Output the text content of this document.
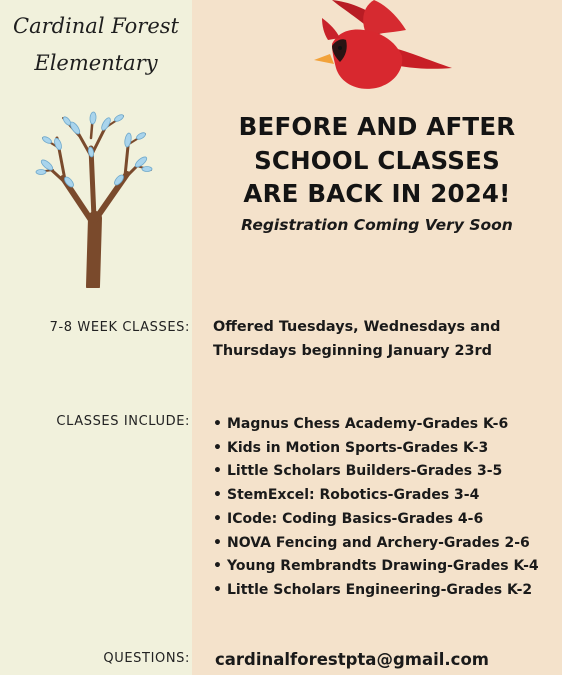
Cardinal Forest
Elementary
BEFORE AND AFTER
SCHOOL CLASSES
ARE BACK IN 2024!
Registration Coming Very Soon
7-8 WEEK CLASSES: Offered Tuesdays, Wednesdays and
Thursdays beginning January 23rd
CLASSES INCLUDE:
•	Magnus Chess Academy-Grades K-6
• Kids in Motion Sports-Grades K-3
• Little Scholars Builders-Grades 3-5
• StemExcel: Robotics-Grades 3-4
• ICode: Coding Basics-Grades 4-6
• NOVA Fencing and Archery-Grades 2-6
• Young Rembrandts Drawing-Grades K-4
• Little Scholars Engineering-Grades K-2
QUESTIONS: cardinalforestpta@gmail.com
